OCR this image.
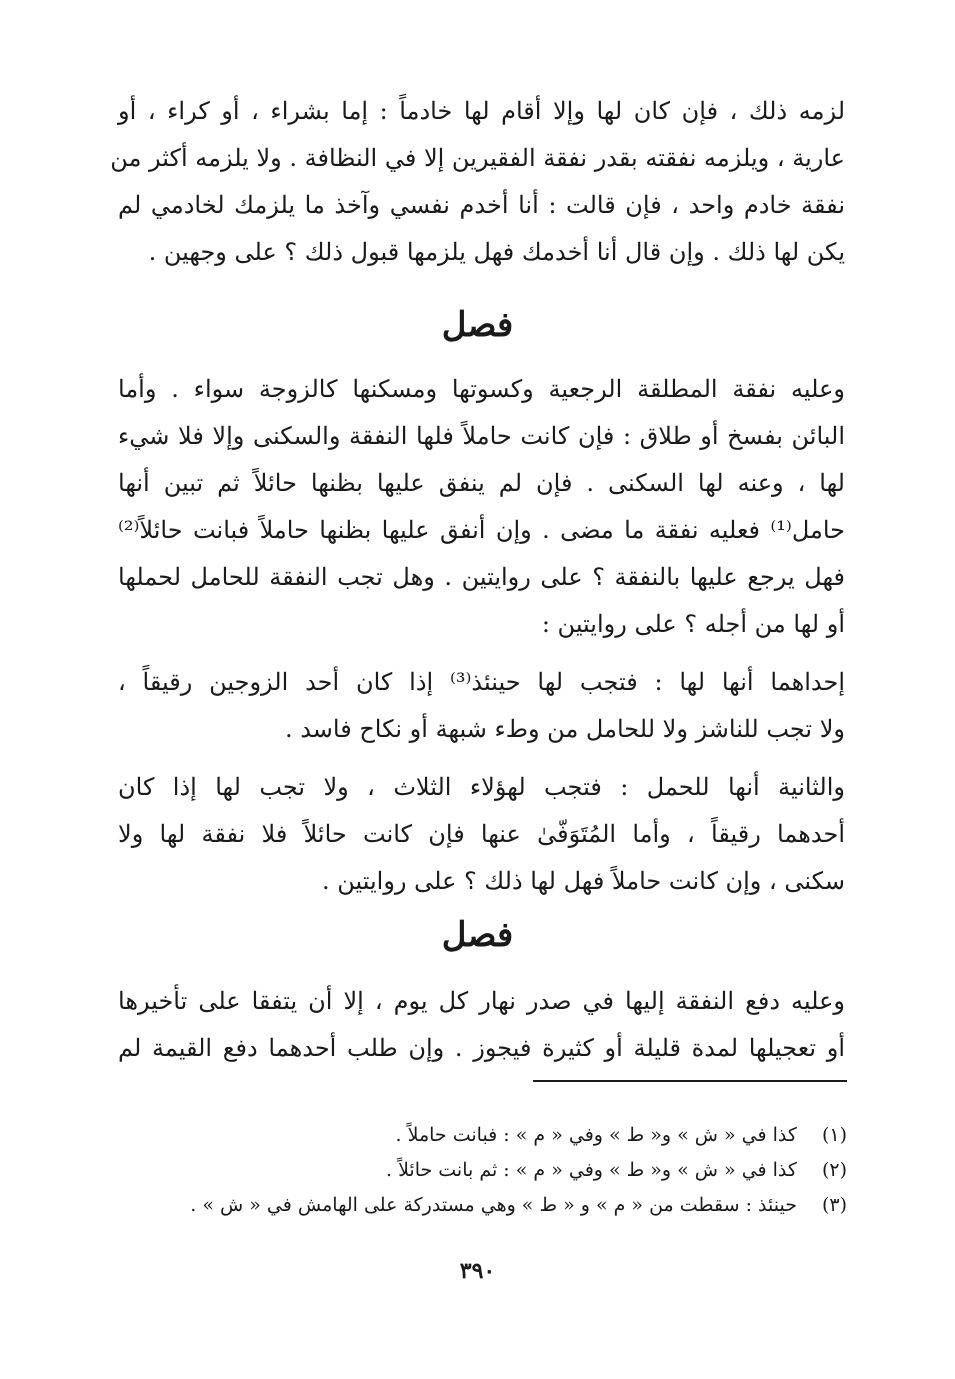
لزمه ذلك ، فإن كان لها وإلا أقام لها خادماً : إما بشراء ، أو كراء ، أو
عارية ، ويلزمه نفقته بقدر نفقة الفقيرين إلا في النظافة . ولا يلزمه أكثر من
نفقة خادم واحد ، فإن قالت : أنا أخدم نفسي وآخذ ما يلزمك لخادمي لم
يكن لها ذلك . وإن قال أنا أخدمك فهل يلزمها قبول ذلك ؟ على وجهين .
فصل
وعليه نفقة المطلقة الرجعية وكسوتها ومسكنها كالزوجة سواء . وأما
البائن بفسخ أو طلاق : فإن كانت حاملاً فلها النفقة والسكنى وإلا فلا شيء
لها ، وعنه لها السكنى . فإن لم ينفق عليها بظنها حائلاً ثم تبين أنها
حامل⁽¹⁾ فعليه نفقة ما مضى . وإن أنفق عليها بظنها حاملاً فبانت حائلاً⁽²⁾
فهل يرجع عليها بالنفقة ؟ على روايتين . وهل تجب النفقة للحامل لحملها
أو لها من أجله ؟ على روايتين :
إحداهما أنها لها : فتجب لها حينئذ⁽³⁾ إذا كان أحد الزوجين رقيقاً ،
ولا تجب للناشز ولا للحامل من وطء شبهة أو نكاح فاسد .
والثانية أنها للحمل : فتجب لهؤلاء الثلاث ، ولا تجب لها إذا كان
أحدهما رقيقاً ، وأما المُتَوَفّىٰ عنها فإن كانت حائلاً فلا نفقة لها ولا
سكنى ، وإن كانت حاملاً فهل لها ذلك ؟ على روايتين .
فصل
وعليه دفع النفقة إليها في صدر نهار كل يوم ، إلا أن يتفقا على تأخيرها
أو تعجيلها لمدة قليلة أو كثيرة فيجوز . وإن طلب أحدهما دفع القيمة لم
(١) كذا في « ش » و« ط » وفي « م » : فبانت حاملاً .
(٢) كذا في « ش » و« ط » وفي « م » : ثم بانت حائلاً .
(٣) حينئذ : سقطت من « م » و « ط » وهي مستدركة على الهامش في « ش » .
٣٩٠
